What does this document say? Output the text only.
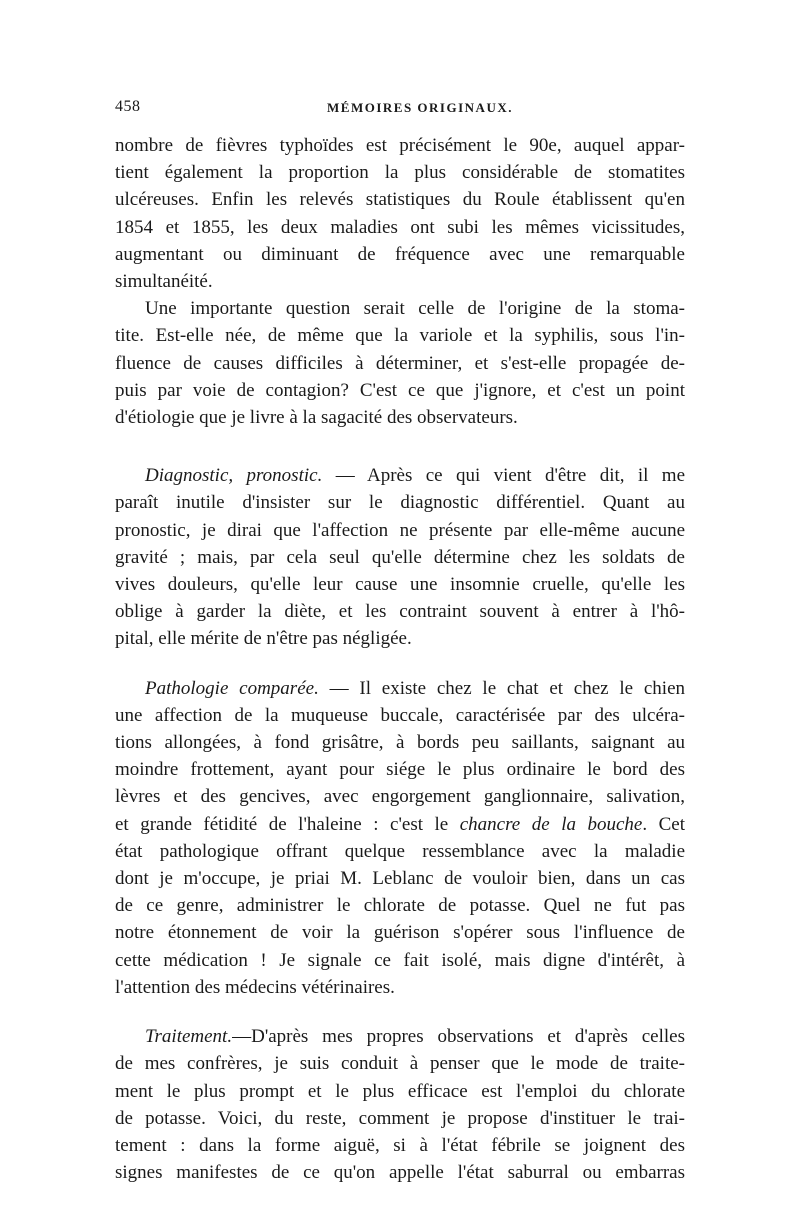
458	MÉMOIRES ORIGINAUX.
nombre de fièvres typhoïdes est précisément le 90e, auquel appar-
tient également la proportion la plus considérable de stomatites
ulcéreuses. Enfin les relevés statistiques du Roule établissent qu'en
1854 et 1855, les deux maladies ont subi les mêmes vicissitudes,
augmentant ou diminuant de fréquence avec une remarquable
simultanéité.
Une importante question serait celle de l'origine de la stoma-
tite. Est-elle née, de même que la variole et la syphilis, sous l'in-
fluence de causes difficiles à déterminer, et s'est-elle propagée de-
puis par voie de contagion? C'est ce que j'ignore, et c'est un point
d'étiologie que je livre à la sagacité des observateurs.
Diagnostic, pronostic. — Après ce qui vient d'être dit, il me
paraît inutile d'insister sur le diagnostic différentiel. Quant au
pronostic, je dirai que l'affection ne présente par elle-même aucune
gravité ; mais, par cela seul qu'elle détermine chez les soldats de
vives douleurs, qu'elle leur cause une insomnie cruelle, qu'elle les
oblige à garder la diète, et les contraint souvent à entrer à l'hô-
pital, elle mérite de n'être pas négligée.
Pathologie comparée. — Il existe chez le chat et chez le chien
une affection de la muqueuse buccale, caractérisée par des ulcéra-
tions allongées, à fond grisâtre, à bords peu saillants, saignant au
moindre frottement, ayant pour siége le plus ordinaire le bord des
lèvres et des gencives, avec engorgement ganglionnaire, salivation,
et grande fétidité de l'haleine : c'est le chancre de la bouche. Cet
état pathologique offrant quelque ressemblance avec la maladie
dont je m'occupe, je priai M. Leblanc de vouloir bien, dans un cas
de ce genre, administrer le chlorate de potasse. Quel ne fut pas
notre étonnement de voir la guérison s'opérer sous l'influence de
cette médication ! Je signale ce fait isolé, mais digne d'intérêt, à
l'attention des médecins vétérinaires.
Traitement.—D'après mes propres observations et d'après celles
de mes confrères, je suis conduit à penser que le mode de traite-
ment le plus prompt et le plus efficace est l'emploi du chlorate
de potasse. Voici, du reste, comment je propose d'instituer le trai-
tement : dans la forme aiguë, si à l'état fébrile se joignent des
signes manifestes de ce qu'on appelle l'état saburral ou embarras
